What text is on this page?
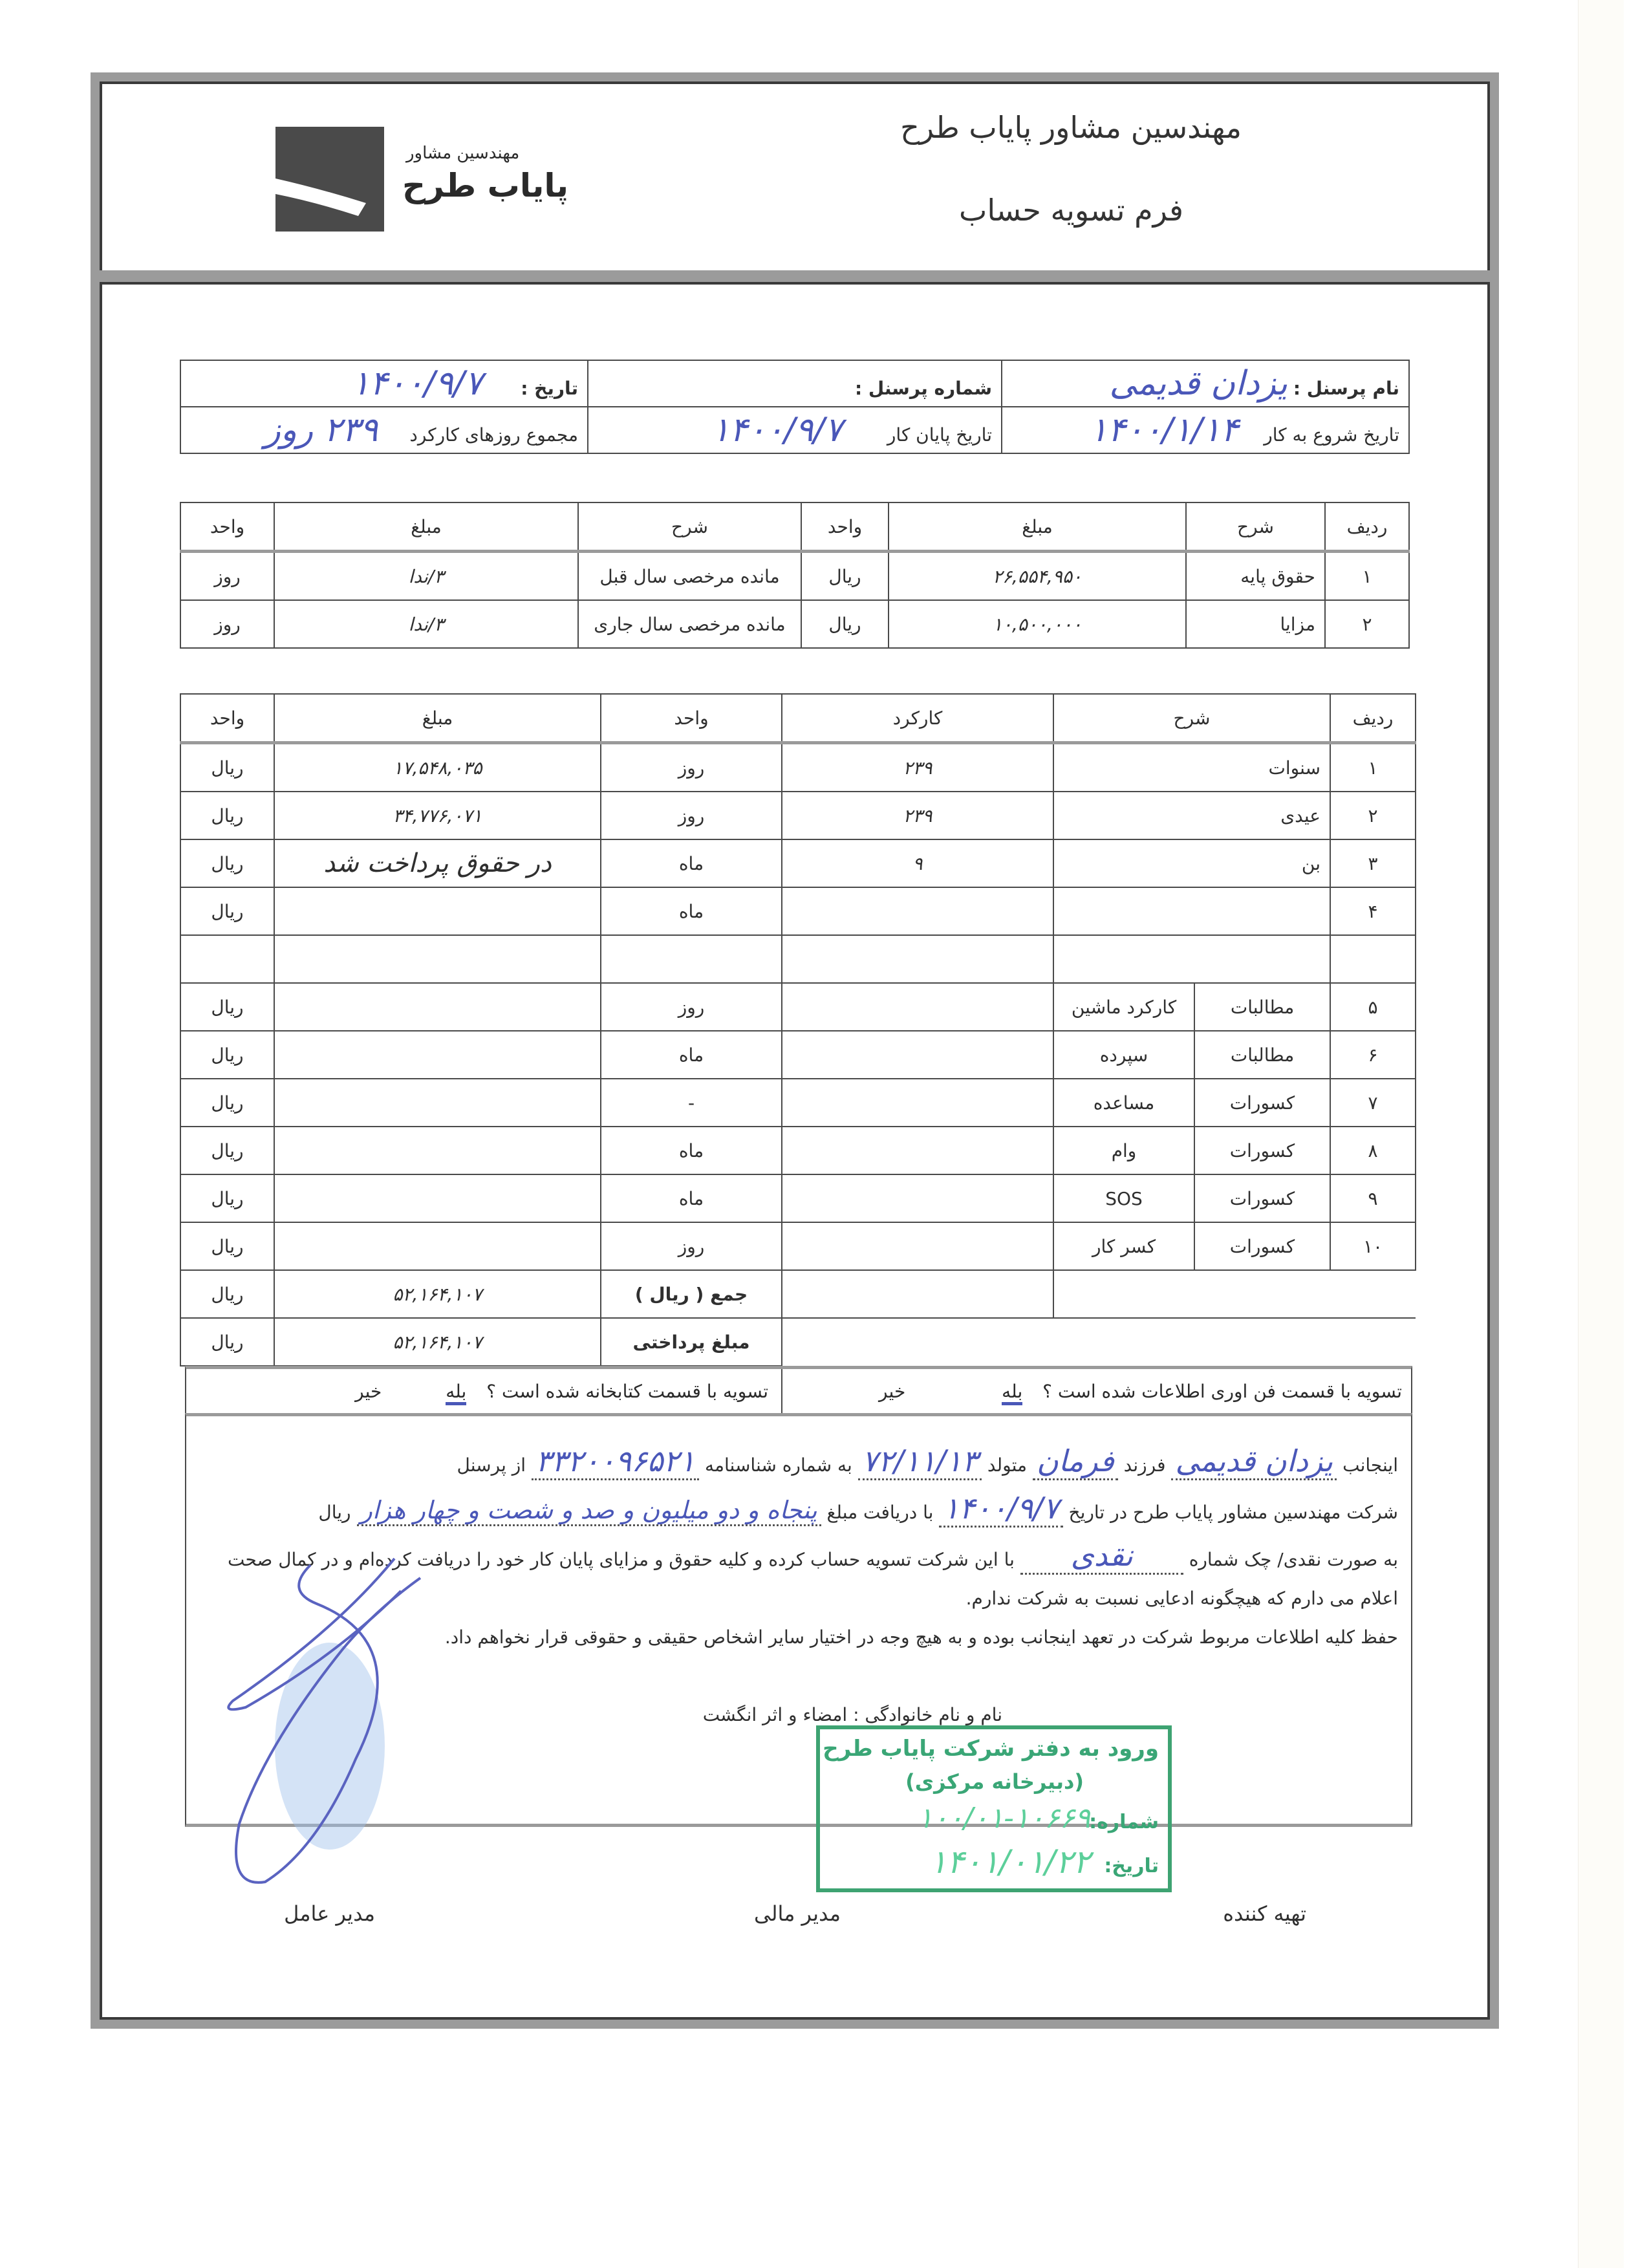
مهندسین مشاور پایاب طرح
فرم تسویه حساب
مهندسین مشاور
پایاب طرح
نام پرسنل : یزدان قدیمی	شماره پرسنل :	تاریخ : ۱۴۰۰/۹/۷
تاریخ شروع به کار ۱۴۰۰/۱/۱۴	تاریخ پایان کار ۱۴۰۰/۹/۷	مجموع روزهای کارکرد ۲۳۹ روز
ردیف	شرح	مبلغ	واحد	شرح	مبلغ	واحد
۱	حقوق پایه	۲۶,۵۵۴,۹۵۰	ریال	مانده مرخصی سال قبل	۳/ندا	روز
۲	مزایا	۱۰,۵۰۰,۰۰۰	ریال	مانده مرخصی سال جاری	۳/ندا	روز
ردیف	شرح		کارکرد	واحد	مبلغ	واحد
۱	سنوات		۲۳۹	روز	۱۷,۵۴۸,۰۳۵	ریال
۲	عیدی		۲۳۹	روز	۳۴,۷۷۶,۰۷۱	ریال
۳	بن		۹	ماه	در حقوق پرداخت شد	ریال
۴				ماه		ریال

۵	مطالبات	کارکرد ماشین		روز		ریال
۶	مطالبات	سپرده		ماه		ریال
۷	کسورات	مساعده		-		ریال
۸	کسورات	وام		ماه		ریال
۹	کسورات	SOS		ماه		ریال
۱۰	کسورات	کسر کار		روز		ریال
				جمع ( ریال )	۵۲,۱۶۴,۱۰۷	ریال
				مبلغ پرداختی	۵۲,۱۶۴,۱۰۷	ریال
تسویه با قسمت فن اوری اطلاعات شده است ؟ بله خیر
تسویه با قسمت کتابخانه شده است ؟ بله خیر
اینجانب یزدان قدیمی فرزند فرمان متولد ۷۲/۱۱/۱۳ به شماره شناسنامه ۳۳۲۰۰۹۶۵۲۱ از پرسنل
شرکت مهندسین مشاور پایاب طرح در تاریخ ۱۴۰۰/۹/۷ با دریافت مبلغ پنجاه و دو میلیون و صد و شصت و چهار هزار ریال
به صورت نقدی/ چک شماره نقدی با این شرکت تسویه حساب کرده و کلیه حقوق و مزایای پایان کار خود را دریافت کرده‌ام و در کمال صحت
اعلام می دارم که هیچگونه ادعایی نسبت به شرکت ندارم.
حفظ کلیه اطلاعات مربوط شرکت در تعهد اینجانب بوده و به هیچ وجه در اختیار سایر اشخاص حقیقی و حقوقی قرار نخواهم داد.
نام و نام خانوادگی : امضاء و اثر انگشت
ورود به دفتر شرکت پایاب طرح
(دبیرخانه مرکزی)
شماره:
۱۰۰/۰۱-۱۰۶۶۹
تاریخ:
۱۴۰۱/۰۱/۲۲
تهیه کننده
مدیر مالی
مدیر عامل
